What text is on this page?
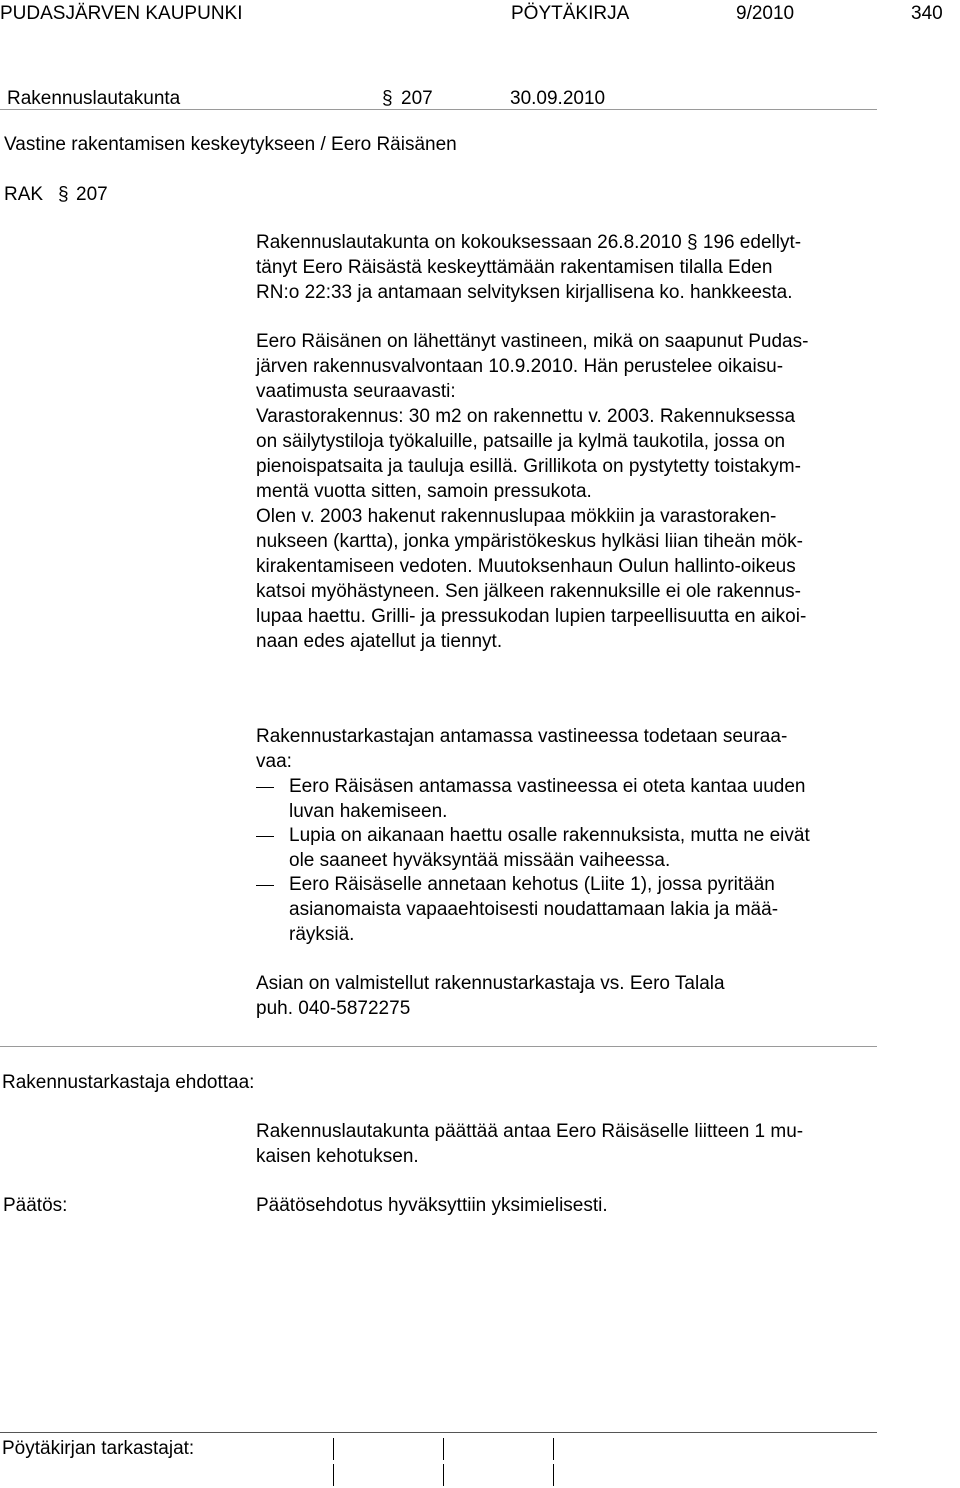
PUDASJÄRVEN KAUPUNKI	PÖYTÄKIRJA	9/2010	340
Rakennuslautakunta	§ 207	30.09.2010
Vastine rakentamisen keskeytykseen / Eero Räisänen
RAK § 207
Rakennuslautakunta on kokouksessaan 26.8.2010 § 196 edellyt-
tänyt Eero Räisästä keskeyttämään rakentamisen tilalla Eden
RN:o 22:33 ja antamaan selvityksen kirjallisena ko. hankkeesta.
Eero Räisänen on lähettänyt vastineen, mikä on saapunut Pudas-
järven rakennusvalvontaan 10.9.2010. Hän perustelee oikaisu-
vaatimusta seuraavasti:
Varastorakennus: 30 m2 on rakennettu v. 2003. Rakennuksessa
on säilytystiloja työkaluille, patsaille ja kylmä taukotila, jossa on
pienoispatsaita ja tauluja esillä. Grillikota on pystytetty toistakym-
mentä vuotta sitten, samoin pressukota.
Olen v. 2003 hakenut rakennuslupaa mökkiin ja varastoraken-
nukseen (kartta), jonka ympäristökeskus hylkäsi liian tiheän mök-
kirakentamiseen vedoten. Muutoksenhaun Oulun hallinto-oikeus
katsoi myöhästyneen. Sen jälkeen rakennuksille ei ole rakennus-
lupaa haettu. Grilli- ja pressukodan lupien tarpeellisuutta en aikoi-
naan edes ajatellut ja tiennyt.
Rakennustarkastajan antamassa vastineessa todetaan seuraa-
vaa:
Eero Räisäsen antamassa vastineessa ei oteta kantaa uuden
luvan hakemiseen.
Lupia on aikanaan haettu osalle rakennuksista, mutta ne eivät
ole saaneet hyväksyntää missään vaiheessa.
Eero Räisäselle annetaan kehotus (Liite 1), jossa pyritään
asianomaista vapaaehtoisesti noudattamaan lakia ja mää-
räyksiä.
Asian on valmistellut rakennustarkastaja vs. Eero Talala
puh. 040-5872275
Rakennustarkastaja ehdottaa:
Rakennuslautakunta päättää antaa Eero Räisäselle liitteen 1 mu-
kaisen kehotuksen.
Päätös:	Päätösehdotus hyväksyttiin yksimielisesti.
Pöytäkirjan tarkastajat:
